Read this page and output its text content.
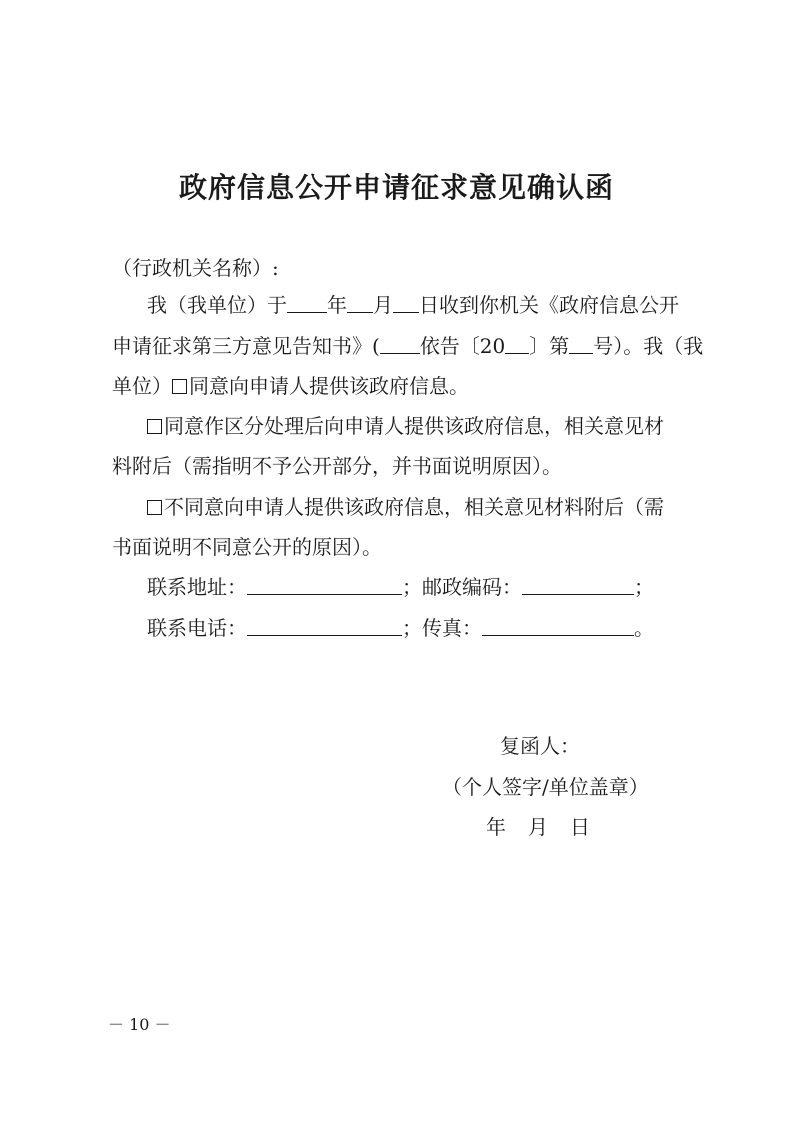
政府信息公开申请征求意见确认函
（行政机关名称）:
我（我单位）于 年 月 日收到你机关《政府信息公开
申请征求第三方意见告知书》( 依告〔20 〕第 号）。我（我
单位） 同意向申请人提供该政府信息。
同意作区分处理后向申请人提供该政府信息，相关意见材
料附后（需指明不予公开部分，并书面说明原因）。
不同意向申请人提供该政府信息，相关意见材料附后（需
书面说明不同意公开的原因）。
联系地址：	；邮政编码：	；
联系电话：	；传真：	。
复函人：
（个人签字/单位盖章）
年 月 日
－ 10 －
